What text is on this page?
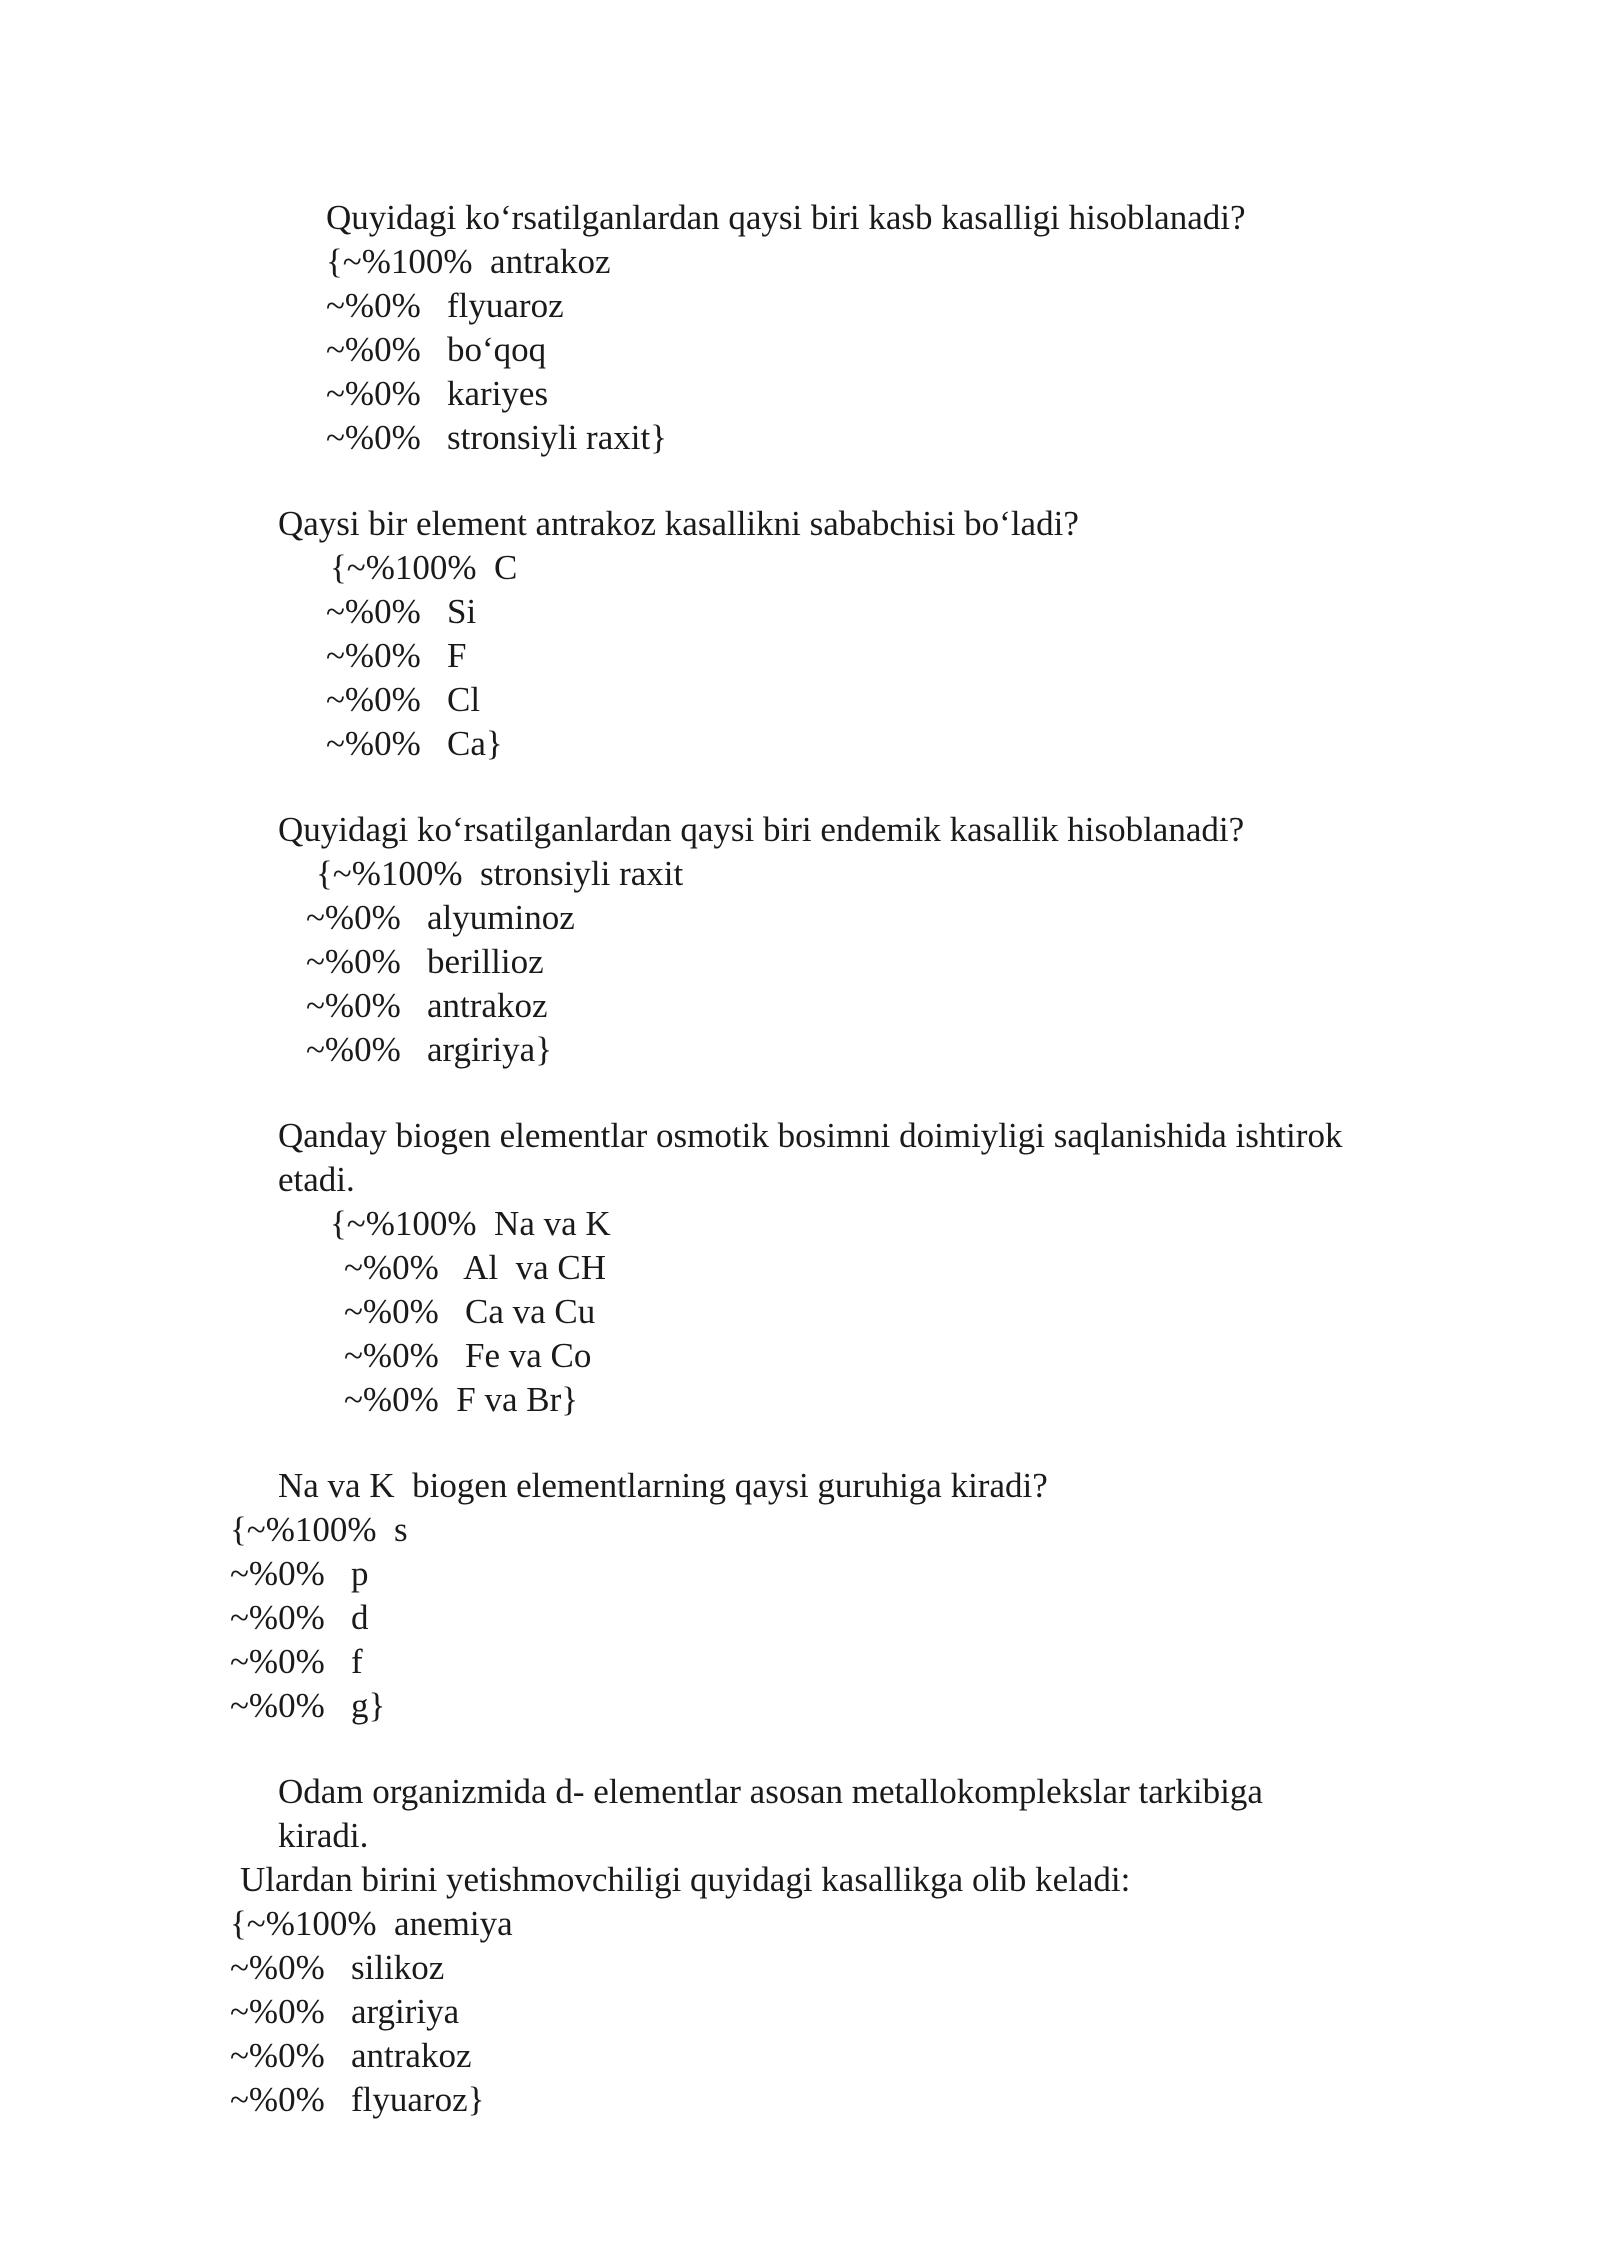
Quyidagi ko‘rsatilganlardan qaysi biri kasb kasalligi hisoblanadi?
{~%100% antrakoz
~%0% flyuaroz
~%0% bo‘qoq
~%0% kariyes
~%0% stronsiyli raxit}
Qaysi bir element antrakoz kasallikni sababchisi bo‘ladi?
{~%100% C
~%0% Si
~%0% F
~%0% Cl
~%0% Ca}
Quyidagi ko‘rsatilganlardan qaysi biri endemik kasallik hisoblanadi?
{~%100% stronsiyli raxit
~%0% alyuminoz
~%0% berillioz
~%0% antrakoz
~%0% argiriya}
Qanday biogen elementlar osmotik bosimni doimiyligi saqlanishida ishtirok
etadi.
{~%100% Na va K
~%0% Al  va CH
~%0% Ca va Cu
~%0% Fe va Co
~%0% F va Br}
Na va K  biogen elementlarning qaysi guruhiga kiradi?
{~%100% s
~%0% p
~%0% d
~%0% f
~%0% g}
Odam organizmida d- elementlar asosan metallokomplekslar tarkibiga
kiradi.
Ulardan birini yetishmovchiligi quyidagi kasallikga olib keladi:
{~%100% anemiya
~%0% silikoz
~%0% argiriya
~%0% antrakoz
~%0% flyuaroz}
